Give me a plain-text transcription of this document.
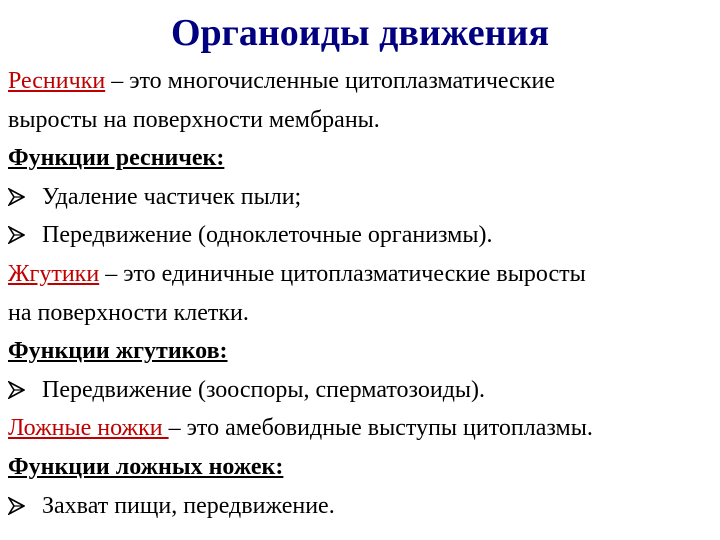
Органоиды движения
Реснички – это многочисленные цитоплазматические
выросты на поверхности мембраны.
Функции ресничек:
Удаление частичек пыли;
Передвижение (одноклеточные организмы).
Жгутики – это единичные цитоплазматические выросты
на поверхности клетки.
Функции жгутиков:
Передвижение (зооспоры, сперматозоиды).
Ложные ножки – это амебовидные выступы цитоплазмы.
Функции ложных ножек:
Захват пищи, передвижение.
